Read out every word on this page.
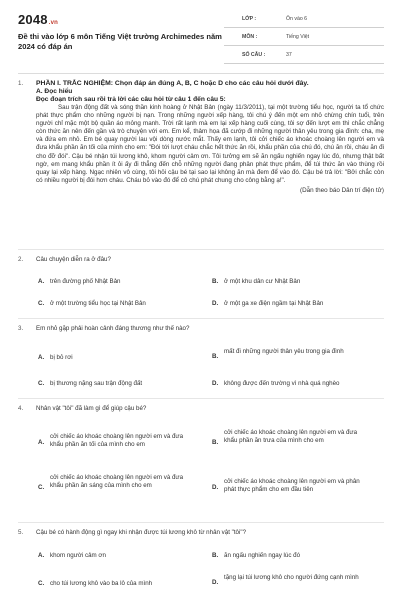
2048.vn
Đề thi vào lớp 6 môn Tiếng Việt trường Archimedes năm 2024 có đáp án
LỚP :	Ôn vào 6
MÔN :	Tiếng Việt
SỐ CÂU :	37
1. PHẦN I. TRẮC NGHIỆM: Chọn đáp án đúng A, B, C hoặc D cho các câu hỏi dưới đây.
A. Đọc hiểu
Đọc đoạn trích sau rồi trả lời các câu hỏi từ câu 1 đến câu 5:
Sau trận động đất và sóng thần kinh hoàng ở Nhật Bản (ngày 11/3/2011), tại một trường tiểu học, người ta tổ chức phát thực phẩm cho những người bị nạn. Trong những người xếp hàng, tôi chú ý đến một em nhỏ chừng chín tuổi, trên người chỉ mặc một bộ quần áo mỏng manh. Trời rất lạnh mà em lại xếp hàng cuối cùng, tôi sợ đến lượt em thì chắc chẳng còn thức ăn nên đến gần và trò chuyện với em. Em kể, thảm họa đã cướp đi những người thân yêu trong gia đình: cha, mẹ và đứa em nhỏ. Em bé quay người lau vội dòng nước mắt. Thấy em lạnh, tôi cởi chiếc áo khoác choàng lên người em và đưa khẩu phần ăn tối của mình cho em: "Đói tới lượt cháu chắc hết thức ăn rồi, khẩu phần của chú đó, chú ăn rồi, cháu ăn đi cho đỡ đói". Cậu bé nhận túi lương khô, khom người cảm ơn. Tôi tưởng em sẽ ăn ngấu nghiến ngay lúc đó, nhưng thật bất ngờ, em mang khẩu phần ít ỏi ấy đi thẳng đến chỗ những người đang phân phát thực phẩm, để túi thức ăn vào thùng rồi quay lại xếp hàng. Ngạc nhiên vô cùng, tôi hỏi cậu bé tại sao lại không ăn mà đem để vào đó. Cậu bé trả lời: "Bởi chắc còn có nhiều người bị đói hơn cháu. Cháu bỏ vào đó để cô chú phát chung cho công bằng ạ!".
(Dẫn theo báo Dân trí điện tử)
2. Câu chuyện diễn ra ở đâu?
A. trên đường phố Nhật Bản	B. ở một khu dân cư Nhật Bản
C. ở một trường tiểu học tại Nhật Bản	D. ở một ga xe điện ngầm tại Nhật Bản
3. Em nhỏ gặp phải hoàn cảnh đáng thương như thế nào?
A. bị bỏ rơi	B.
mất đi những người thân yêu trong gia đình
C. bị thương nặng sau trận động đất	D. không được đến trường vì nhà quá nghèo
4. Nhân vật "tôi" đã làm gì để giúp cậu bé?
A.
cởi chiếc áo khoác choàng lên người em và đưa khẩu phần ăn tối của mình cho em	B.
cởi chiếc áo khoác choàng lên người em và đưa khẩu phần ăn trưa của mình cho em
C.
cởi chiếc áo khoác choàng lên người em và đưa khẩu phần ăn sáng của mình cho em	D.
cởi chiếc áo khoác choàng lên người em và phân phát thực phẩm cho em đầu tiên
5. Cậu bé có hành động gì ngay khi nhận được túi lương khô từ nhân vật "tôi"?
A. khom người cảm ơn	B. ăn ngấu nghiến ngay lúc đó
C. cho túi lương khô vào ba lô của mình	D.
tặng lại túi lương khô cho người đứng cạnh mình
